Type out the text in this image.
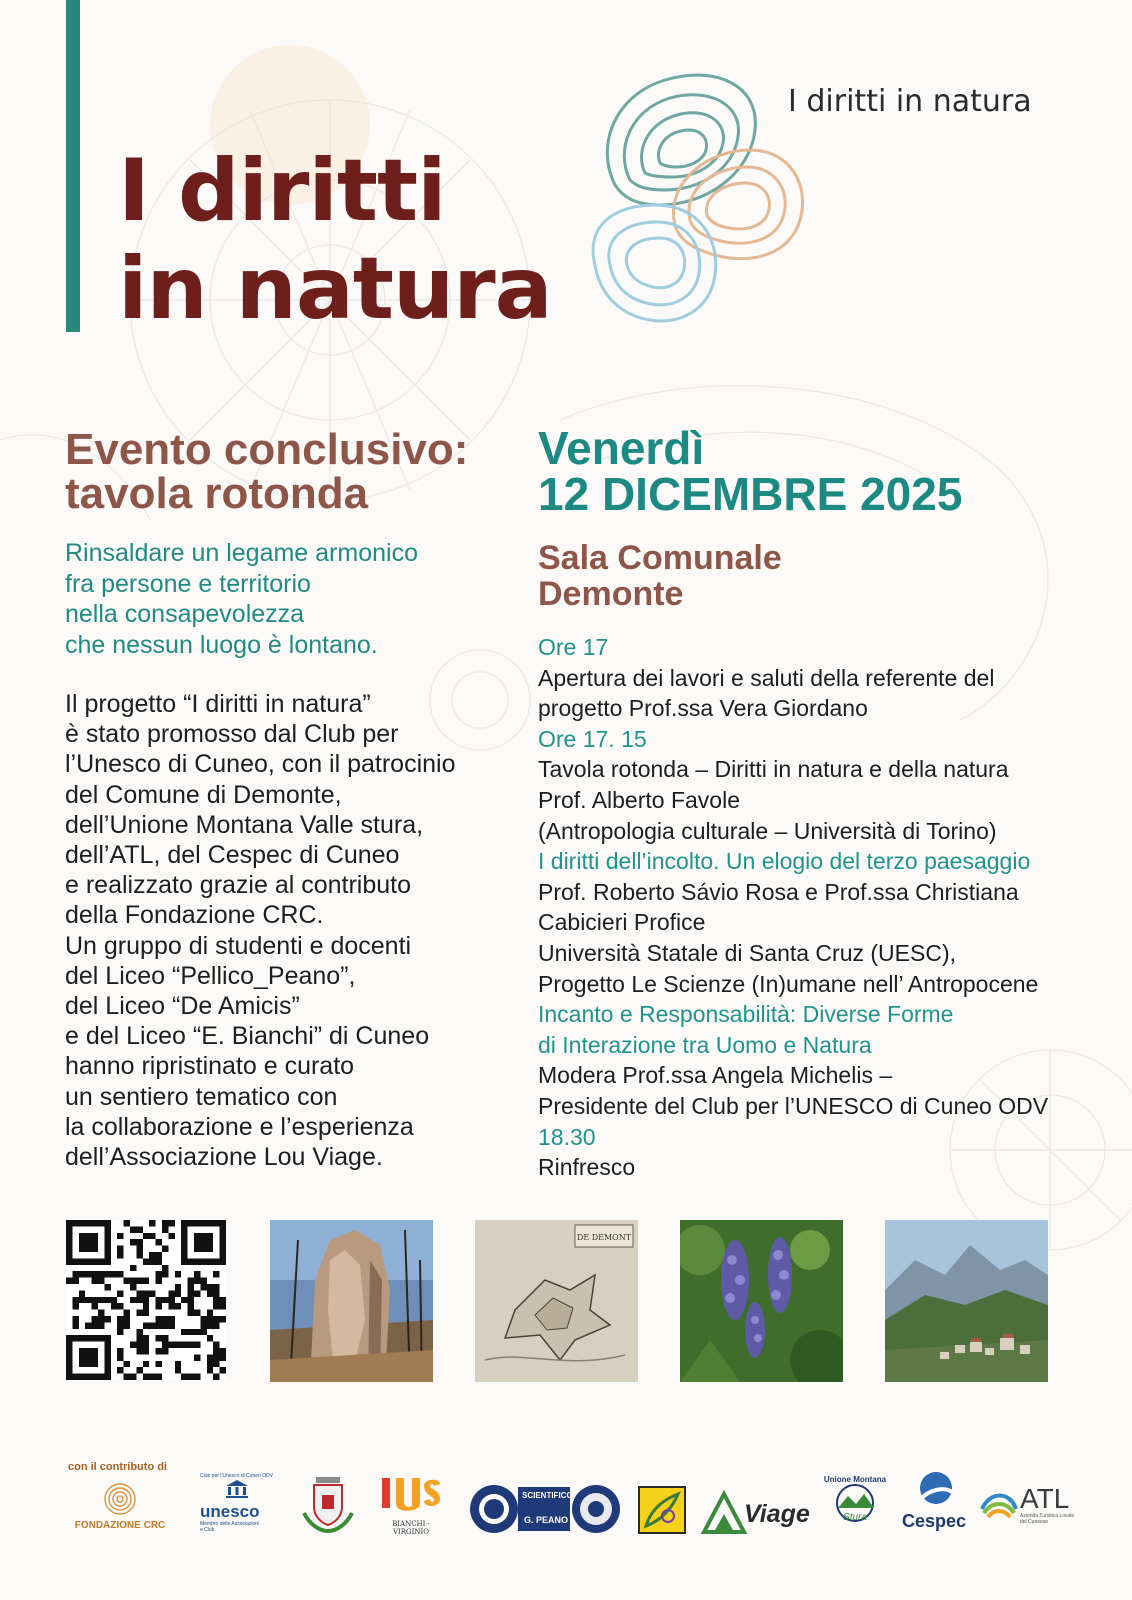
I diritti
in natura
I diritti in natura
Evento conclusivo:
tavola rotonda

Rinsaldare un legame armonico
fra persone e territorio
nella consapevolezza
che nessun luogo è lontano.

Il progetto “I diritti in natura”
è stato promosso dal Club per
l’Unesco di Cuneo, con il patrocinio
del Comune di Demonte,
dell’Unione Montana Valle stura,
dell’ATL, del Cespec di Cuneo
e realizzato grazie al contributo
della Fondazione CRC.
Un gruppo di studenti e docenti
del Liceo “Pellico_Peano”,
del Liceo “De Amicis”
e del Liceo “E. Bianchi” di Cuneo
hanno ripristinato e curato
un sentiero tematico con
la collaborazione e l’esperienza
dell’Associazione Lou Viage.

Venerdì
12 DICEMBRE 2025
Sala Comunale
Demonte
Ore 17
Apertura dei lavori e saluti della referente del
progetto Prof.ssa Vera Giordano
Ore 17. 15
Tavola rotonda – Diritti in natura e della natura
Prof. Alberto Favole
(Antropologia culturale – Università di Torino)
I diritti dell’incolto. Un elogio del terzo paesaggio
Prof. Roberto Sávio Rosa e Prof.ssa Christiana
Cabicieri Profice
Università Statale di Santa Cruz (UESC),
Progetto Le Scienze (In)umane nell’ Antropocene
Incanto e Responsabilità: Diverse Forme
di Interazione tra Uomo e Natura
Modera Prof.ssa Angela Michelis –
Presidente del Club per l’UNESCO di Cuneo ODV
18.30
Rinfresco
DE DEMONT
con il contributo di
FONDAZIONE CRC
Club per l’Unesco di Cuneo ODV
unesco
Membro delle Associazioni e Club
BIANCHI · VIRGINIO
SCIENTIFICO
G. PEANO	Viage
Unione Montana
Stura	Cespec
ATL
Azienda Turistica Locale del Cuneese
